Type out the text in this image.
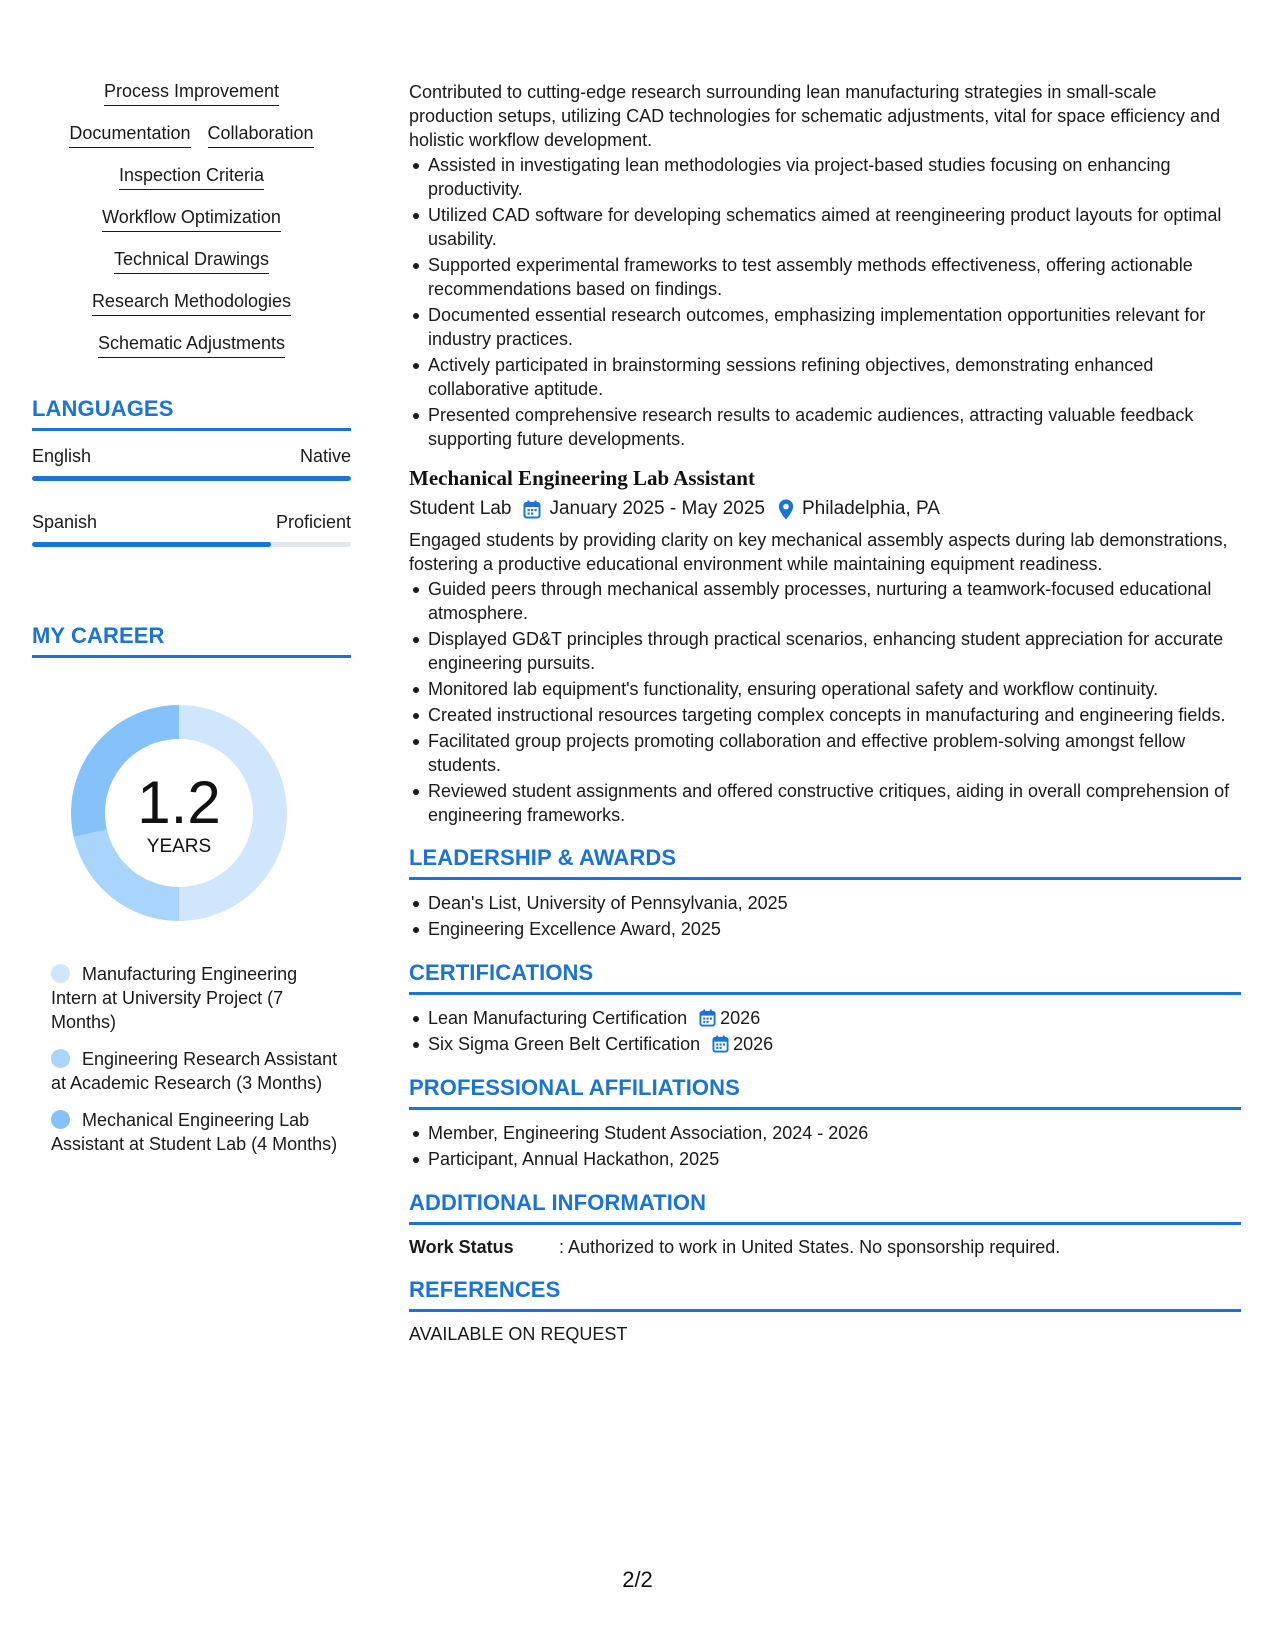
Process Improvement
Documentation Collaboration
Inspection Criteria
Workflow Optimization
Technical Drawings
Research Methodologies
Schematic Adjustments
LANGUAGES
English	Native
Spanish	Proficient
MY CAREER
1.2
YEARS
Manufacturing Engineering Intern at University Project (7 Months)
Engineering Research Assistant at Academic Research (3 Months)
Mechanical Engineering Lab Assistant at Student Lab (4 Months)

Contributed to cutting-edge research surrounding lean manufacturing strategies in small-scale production setups, utilizing CAD technologies for schematic adjustments, vital for space efficiency and holistic workflow development.

Assisted in investigating lean methodologies via project-based studies focusing on enhancing productivity.
Utilized CAD software for developing schematics aimed at reengineering product layouts for optimal usability.
Supported experimental frameworks to test assembly methods effectiveness, offering actionable recommendations based on findings.
Documented essential research outcomes, emphasizing implementation opportunities relevant for industry practices.
Actively participated in brainstorming sessions refining objectives, demonstrating enhanced collaborative aptitude.
Presented comprehensive research results to academic audiences, attracting valuable feedback supporting future developments.
Mechanical Engineering Lab Assistant
Student Lab January 2025 - May 2025 Philadelphia, PA

Engaged students by providing clarity on key mechanical assembly aspects during lab demonstrations, fostering a productive educational environment while maintaining equipment readiness.

Guided peers through mechanical assembly processes, nurturing a teamwork-focused educational atmosphere.
Displayed GD&T principles through practical scenarios, enhancing student appreciation for accurate engineering pursuits.
Monitored lab equipment's functionality, ensuring operational safety and workflow continuity.
Created instructional resources targeting complex concepts in manufacturing and engineering fields.
Facilitated group projects promoting collaboration and effective problem-solving amongst fellow students.
Reviewed student assignments and offered constructive critiques, aiding in overall comprehension of engineering frameworks.
LEADERSHIP & AWARDS
Dean's List, University of Pennsylvania, 2025
Engineering Excellence Award, 2025
CERTIFICATIONS
Lean Manufacturing Certification 2026
Six Sigma Green Belt Certification 2026
PROFESSIONAL AFFILIATIONS
Member, Engineering Student Association, 2024 - 2026
Participant, Annual Hackathon, 2025
ADDITIONAL INFORMATION
Work Status	: Authorized to work in United States. No sponsorship required.
REFERENCES
AVAILABLE ON REQUEST
2/2
